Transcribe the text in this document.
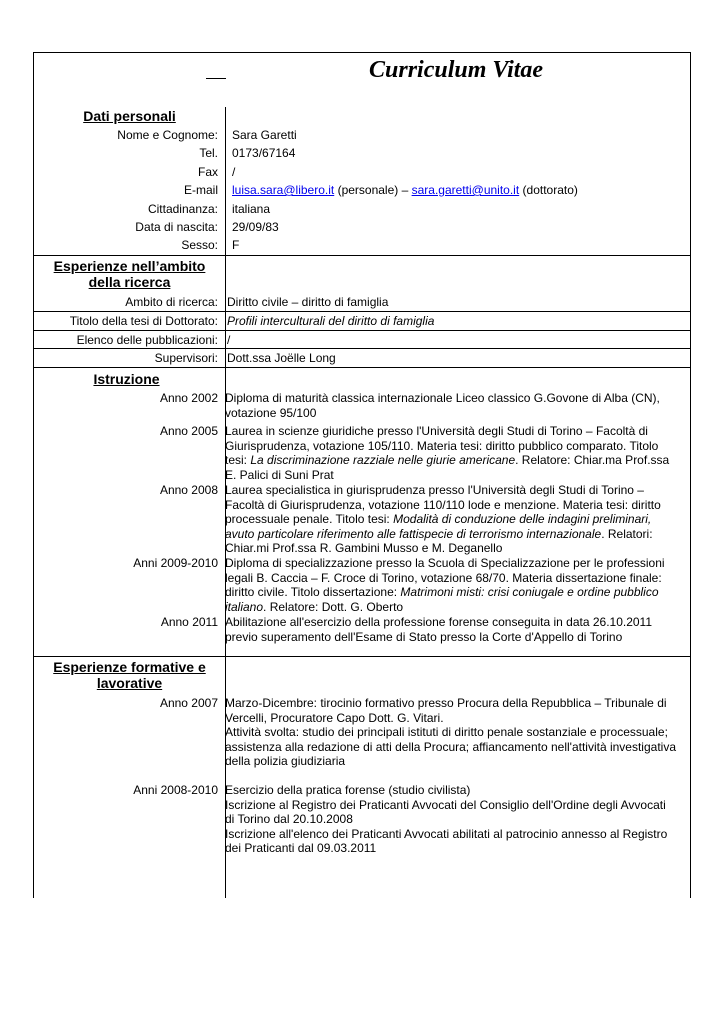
Curriculum Vitae
Dati personali
Nome e Cognome: Sara Garetti
Tel. 0173/67164
Fax /
E-mail luisa.sara@libero.it (personale) – sara.garetti@unito.it (dottorato)
Cittadinanza: italiana
Data di nascita: 29/09/83
Sesso: F
Esperienze nell’ambito
della ricerca
Ambito di ricerca: Diritto civile – diritto di famiglia
Titolo della tesi di Dottorato: Profili interculturali del diritto di famiglia
Elenco delle pubblicazioni: /
Supervisori: Dott.ssa Joëlle Long
Istruzione
Anno 2002 Diploma di maturità classica internazionale Liceo classico G.Govone di Alba (CN),
votazione 95/100
Anno 2005 Laurea in scienze giuridiche presso l'Università degli Studi di Torino – Facoltà di
Giurisprudenza, votazione 105/110. Materia tesi: diritto pubblico comparato. Titolo
tesi: La discriminazione razziale nelle giurie americane. Relatore: Chiar.ma Prof.ssa
E. Palici di Suni Prat
Anno 2008 Laurea specialistica in giurisprudenza presso l'Università degli Studi di Torino –
Facoltà di Giurisprudenza, votazione 110/110 lode e menzione. Materia tesi: diritto
processuale penale. Titolo tesi: Modalità di conduzione delle indagini preliminari,
avuto particolare riferimento alle fattispecie di terrorismo internazionale. Relatori:
Chiar.mi Prof.ssa R. Gambini Musso e M. Deganello
Anni 2009-2010 Diploma di specializzazione presso la Scuola di Specializzazione per le professioni
legali B. Caccia – F. Croce di Torino, votazione 68/70. Materia dissertazione finale:
diritto civile. Titolo dissertazione: Matrimoni misti: crisi coniugale e ordine pubblico
italiano. Relatore: Dott. G. Oberto
Anno 2011 Abilitazione all'esercizio della professione forense conseguita in data 26.10.2011
previo superamento dell'Esame di Stato presso la Corte d'Appello di Torino
Esperienze formative e
lavorative
Anno 2007 Marzo-Dicembre: tirocinio formativo presso Procura della Repubblica – Tribunale di
Vercelli, Procuratore Capo Dott. G. Vitari.
Attività svolta: studio dei principali istituti di diritto penale sostanziale e processuale;
assistenza alla redazione di atti della Procura; affiancamento nell'attività investigativa
della polizia giudiziaria
Anni 2008-2010 Esercizio della pratica forense (studio civilista)
Iscrizione al Registro dei Praticanti Avvocati del Consiglio dell'Ordine degli Avvocati
di Torino dal 20.10.2008
Iscrizione all'elenco dei Praticanti Avvocati abilitati al patrocinio annesso al Registro
dei Praticanti dal 09.03.2011
